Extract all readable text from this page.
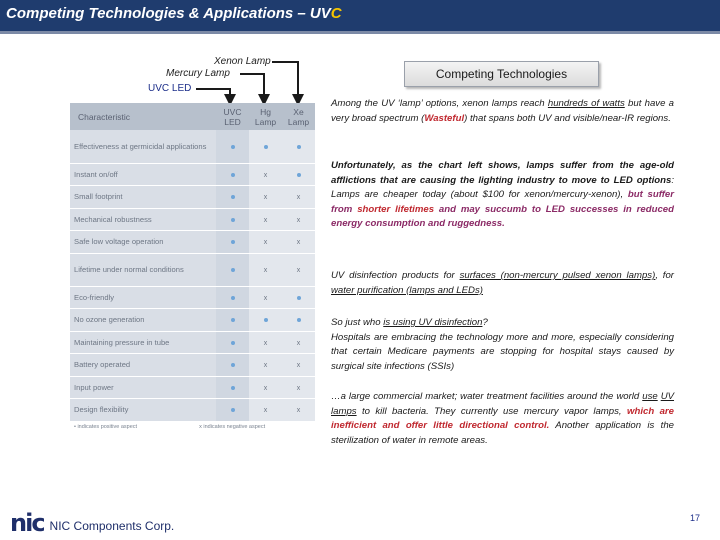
Competing Technologies & Applications – UVC
Xenon Lamp
Mercury Lamp
UVC LED
Characteristic	UVC LED	Hg Lamp	Xe Lamp
Effectiveness at germicidal applications			
Instant on/off		x	
Small footprint		x	x
Mechanical robustness		x	x
Safe low voltage operation		x	x
Lifetime under normal conditions		x	x
Eco-friendly		x	
No ozone generation			
Maintaining pressure in tube		x	x
Battery operated		x	x
Input power		x	x
Design flexibility		x	x
• indicates positive aspect	x indicates negative aspect
Competing Technologies
Among the UV ‘lamp’ options, xenon lamps reach hundreds of watts but have a very broad spectrum (Wasteful) that spans both UV and visible/near-IR regions.
Unfortunately, as the chart left shows, lamps suffer from the age-old afflictions that are causing the lighting industry to move to LED options: Lamps are cheaper today (about $100 for xenon/mercury-xenon), but suffer from shorter lifetimes and may succumb to LED successes in reduced energy consumption and ruggedness.
UV disinfection products for surfaces (non-mercury pulsed xenon lamps), for water purification (lamps and LEDs)
So just who is using UV disinfection?
Hospitals are embracing the technology more and more, especially considering that certain Medicare payments are stopping for hospital stays caused by surgical site infections (SSIs)
…a large commercial market; water treatment facilities around the world use UV lamps to kill bacteria. They currently use mercury vapor lamps, which are inefficient and offer little directional control. Another application is the sterilization of water in remote areas.
nic NIC Components Corp.
17
